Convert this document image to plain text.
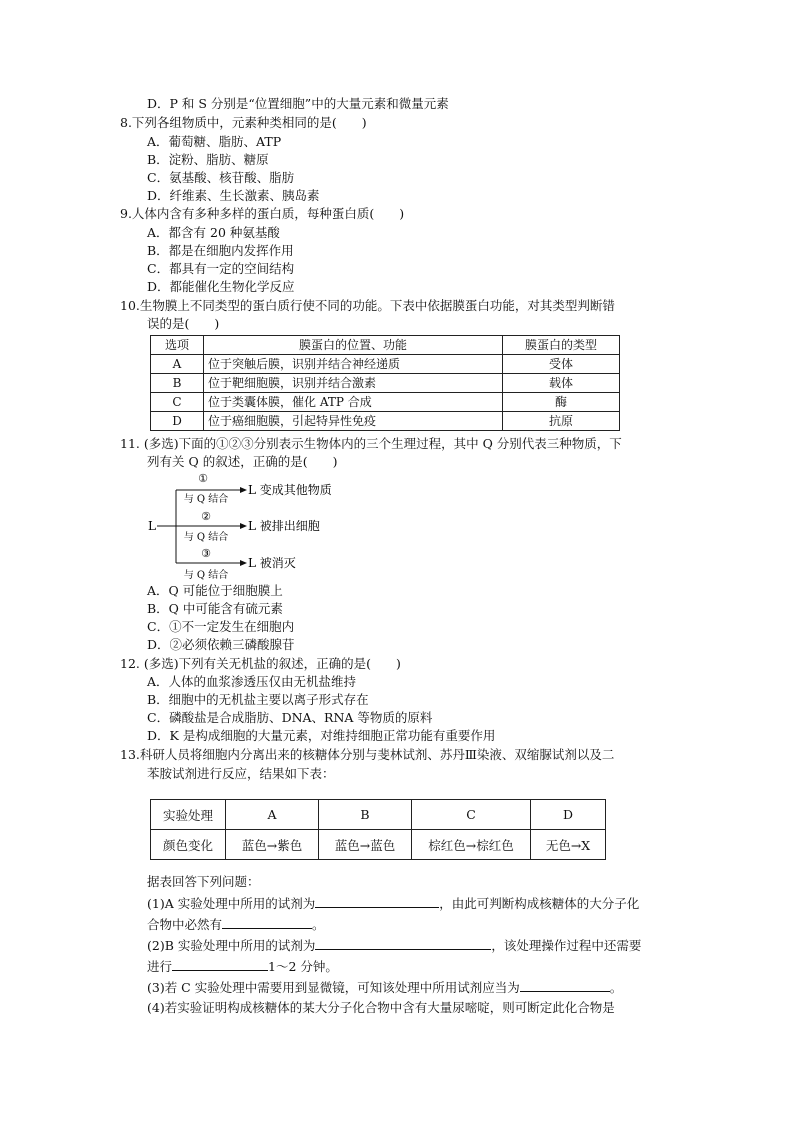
D．P 和 S 分别是“位置细胞”中的大量元素和微量元素
8.下列各组物质中，元素种类相同的是(　　)
A．葡萄糖、脂肪、ATP
B．淀粉、脂肪、糖原
C．氨基酸、核苷酸、脂肪
D．纤维素、生长激素、胰岛素
9.人体内含有多种多样的蛋白质，每种蛋白质(　　)
A．都含有 20 种氨基酸
B．都是在细胞内发挥作用
C．都具有一定的空间结构
D．都能催化生物化学反应
10.生物膜上不同类型的蛋白质行使不同的功能。下表中依据膜蛋白功能，对其类型判断错
误的是(　　)
选项	膜蛋白的位置、功能	膜蛋白的类型
A	位于突触后膜，识别并结合神经递质	受体
B	位于靶细胞膜，识别并结合激素	载体
C	位于类囊体膜，催化 ATP 合成	酶
D	位于癌细胞膜，引起特异性免疫	抗原
11. (多选)下面的①②③分别表示生物体内的三个生理过程，其中 Q 分别代表三种物质，下
列有关 Q 的叙述，正确的是(　　)
L
①
与 Q 结合
L 变成其他物质
②
与 Q 结合
L 被排出细胞
③
与 Q 结合
L 被消灭
A．Q 可能位于细胞膜上
B．Q 中可能含有硫元素
C．①不一定发生在细胞内
D．②必须依赖三磷酸腺苷
12. (多选)下列有关无机盐的叙述，正确的是(　　)
A．人体的血浆渗透压仅由无机盐维持
B．细胞中的无机盐主要以离子形式存在
C．磷酸盐是合成脂肪、DNA、RNA 等物质的原料
D．K 是构成细胞的大量元素，对维持细胞正常功能有重要作用
13.科研人员将细胞内分离出来的核糖体分别与斐林试剂、苏丹Ⅲ染液、双缩脲试剂以及二
苯胺试剂进行反应，结果如下表：
实验处理	A	B	C	D
颜色变化	蓝色→紫色	蓝色→蓝色	棕红色→棕红色	无色→X
据表回答下列问题：
(1)A 实验处理中所用的试剂为	，由此可判断构成核糖体的大分子化
合物中必然有	。
(2)B 实验处理中所用的试剂为	，该处理操作过程中还需要
进行	1～2 分钟。
(3)若 C 实验处理中需要用到显微镜，可知该处理中所用试剂应当为	。
(4)若实验证明构成核糖体的某大分子化合物中含有大量尿嘧啶，则可断定此化合物是
